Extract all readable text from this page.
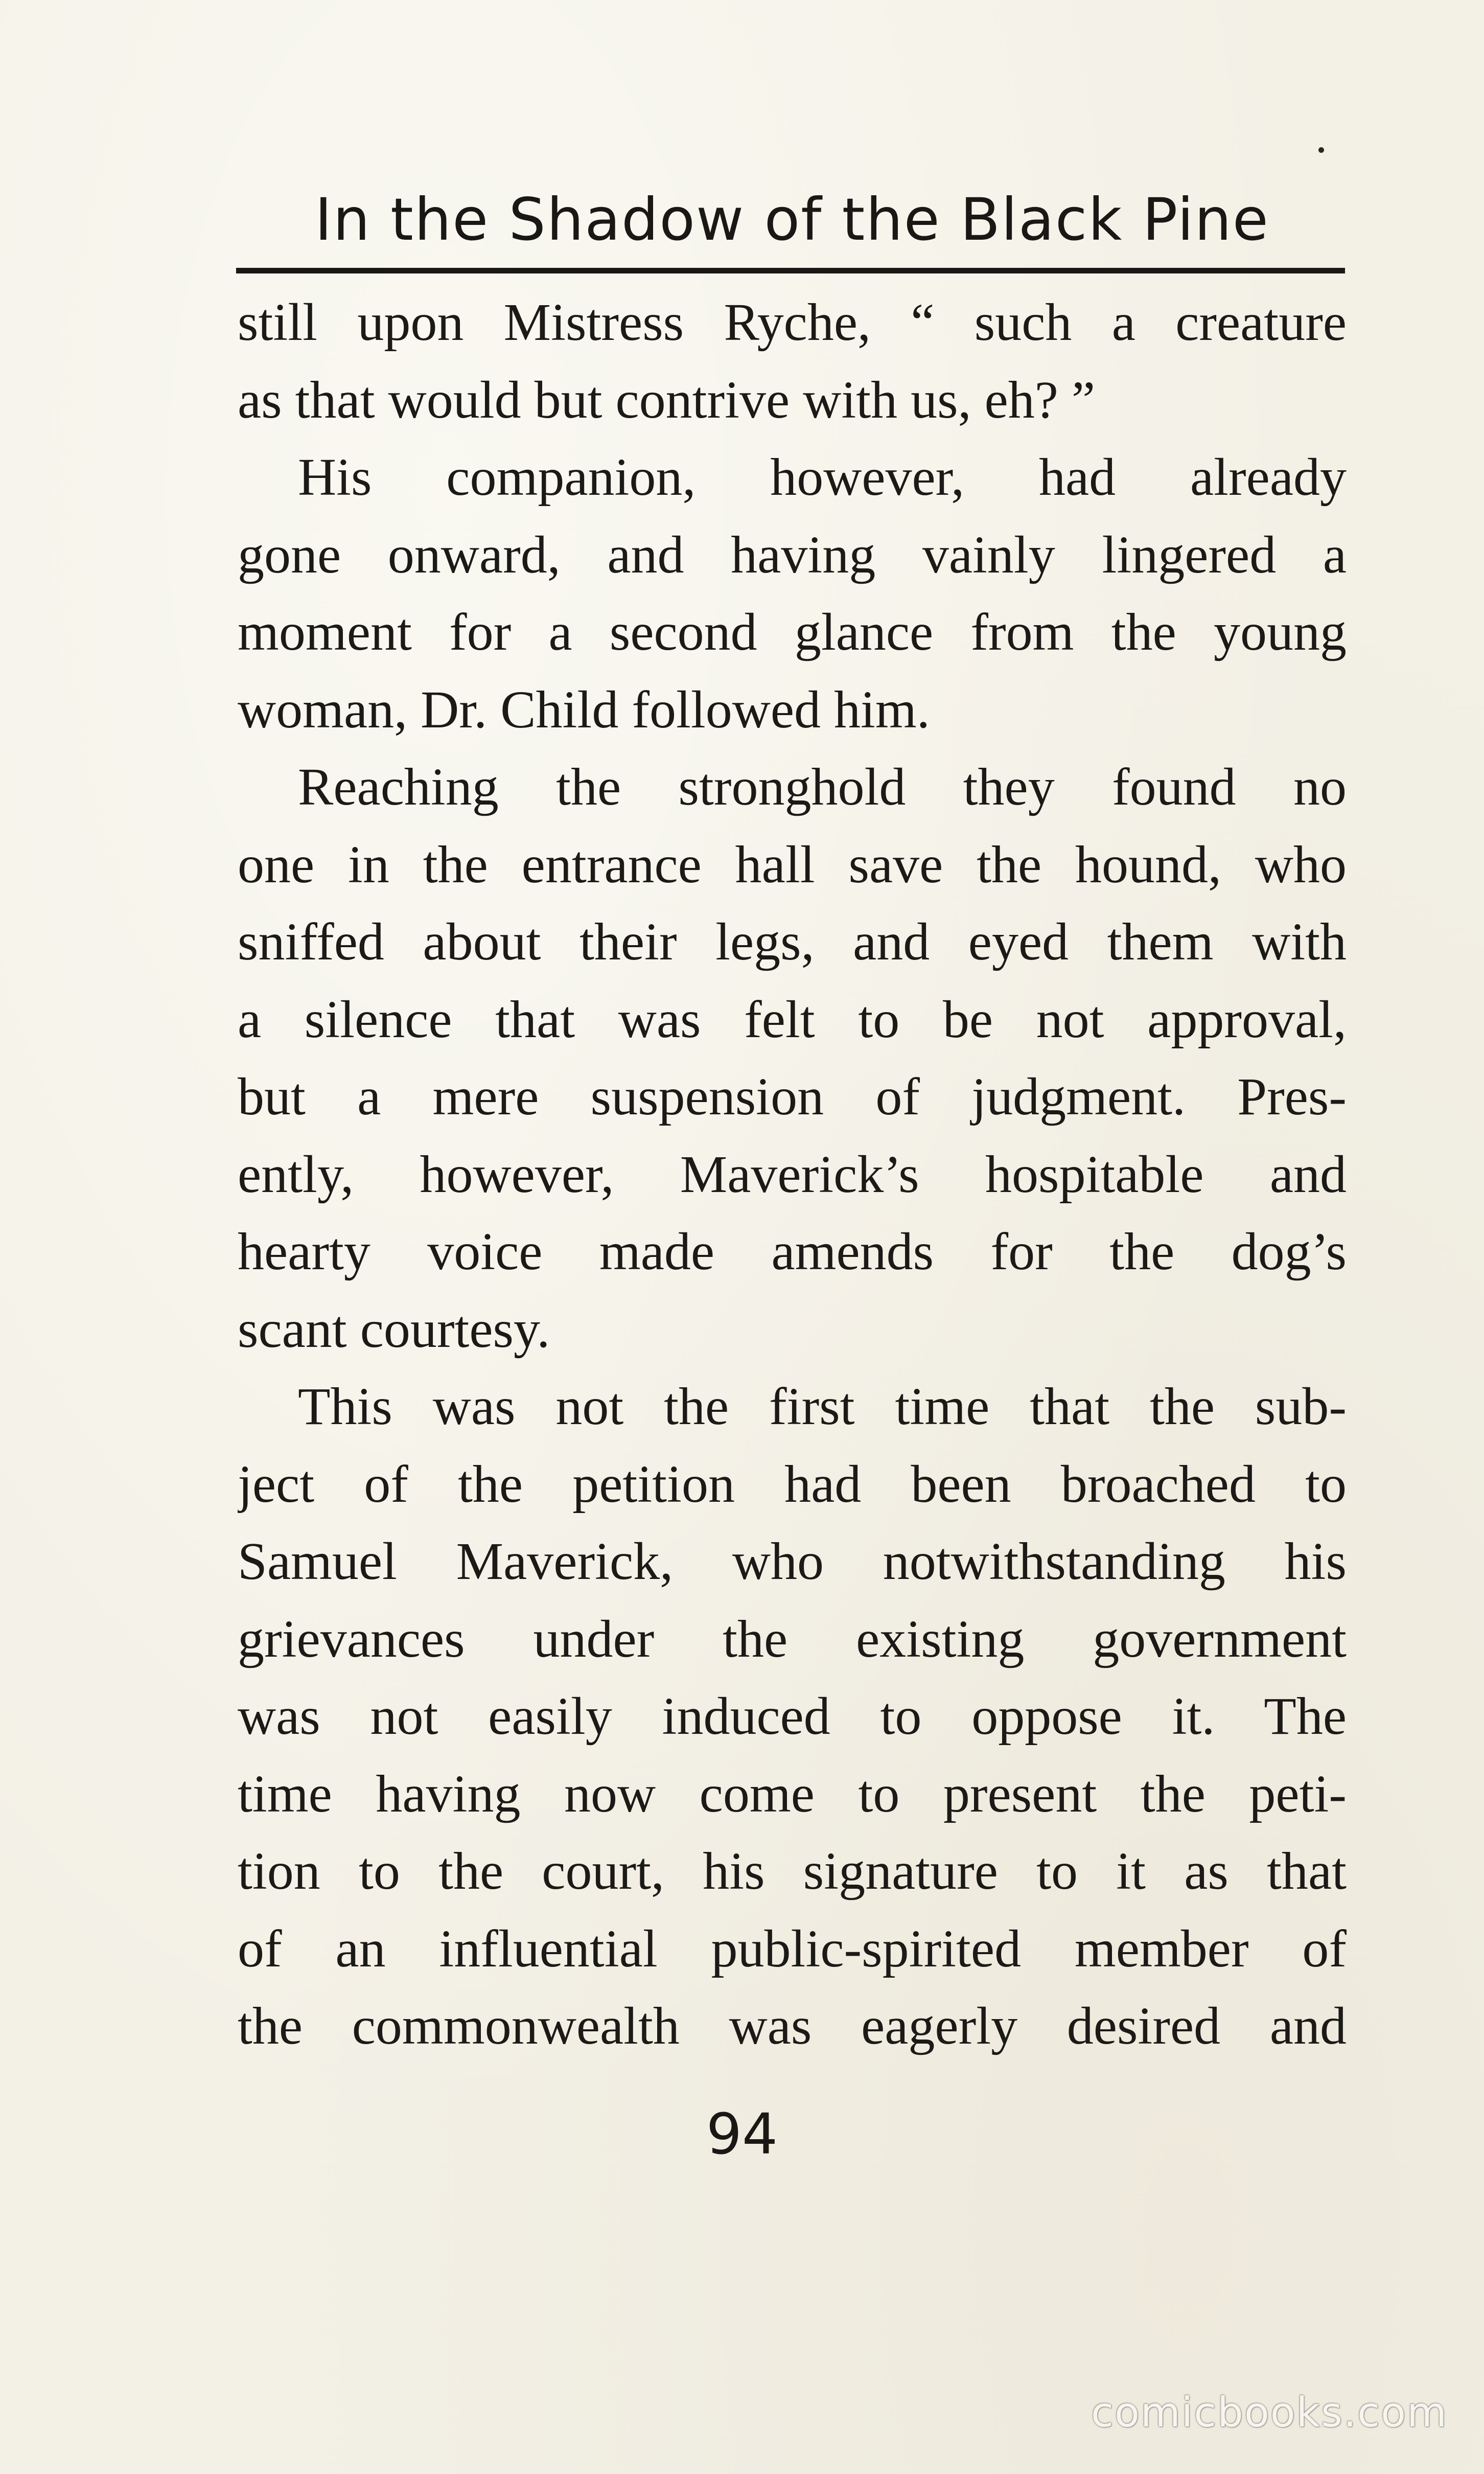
In the Shadow of the Black Pine
still upon Mistress Ryche, “ such a creature
as that would but contrive with us, eh? ”
His companion, however, had already
gone onward, and having vainly lingered a
moment for a second glance from the young
woman, Dr. Child followed him.
Reaching the stronghold they found no
one in the entrance hall save the hound, who
sniffed about their legs, and eyed them with
a silence that was felt to be not approval,
but a mere suspension of judgment. Pres-
ently, however, Maverick’s hospitable and
hearty voice made amends for the dog’s
scant courtesy.
This was not the first time that the sub-
ject of the petition had been broached to
Samuel Maverick, who notwithstanding his
grievances under the existing government
was not easily induced to oppose it. The
time having now come to present the peti-
tion to the court, his signature to it as that
of an influential public-spirited member of
the commonwealth was eagerly desired and
94
comicbooks.com
